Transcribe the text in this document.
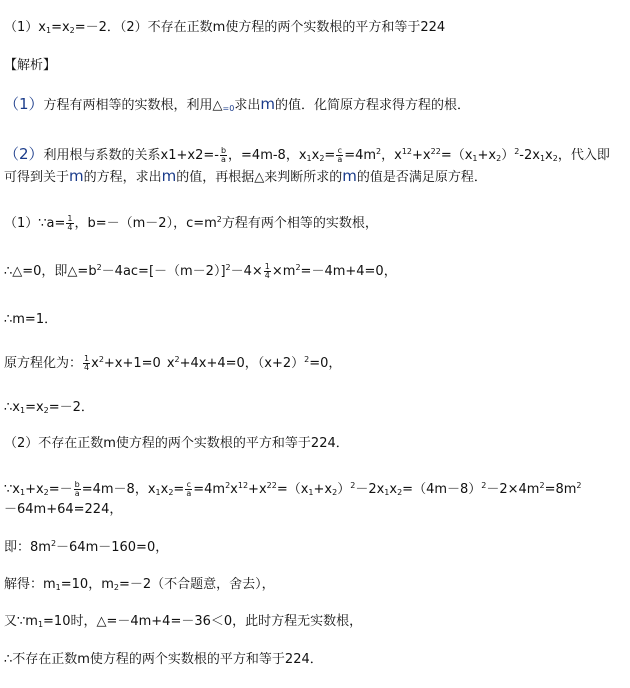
$(1)x_1=x_2=-2$．（2）不存在正数m使方程的两个实数根的平方和等于224
【解析】
（1）方程有两相等的实数根，利用$\triangle_{=0}$求出m的值．化简原方程求得方程的根．
（2）利用根与系数的关系$x1+x2=- \frac{b}{a}$ ，=4m-8，$x_1x_2= \frac{c}{a} =4m^2$，$x^{12}+x^{22}=(x_1+x_2)^2-2x_1x_2$，代入即
可得到关于m的方程，求出m的值，再根据△来判断所求的m的值是否满足原方程．
（1）∵a= $\frac{1}{4}$ ，b=－（m－2），$c=m^2$方程有两个相等的实数根，
∴△=0，即$\triangle=b^2-4ac=[-(m-2)]^2-4\times \frac{1}{4} \times m^2=-4m+4=0$，
∴m=1．
原方程化为： $\frac{1}{4} x^2+x+1=0$ $x^2+4x+4=0$，$(x+2)^2=0$，
$\therefore x_1=x_2=-2$．
（2）不存在正数m使方程的两个实数根的平方和等于224．
$\because x_1+x_2=- \frac{b}{a} =4m-8$，$x_1x_2= \frac{c}{a} =4m^2x^{12}+x^{22}=(x_1+x_2)^2-2x_1x_2=(4m-8)^2-2\times 4m^2=8m^2$
－64m+64=224，
即：$8m^2-64m-160=0$，
解得：$m_1=10$，$m_2=-2$（不合题意，舍去），
又$\because m_1=10$时，△=－4m+4=－36＜0，此时方程无实数根，
∴不存在正数m使方程的两个实数根的平方和等于224．
